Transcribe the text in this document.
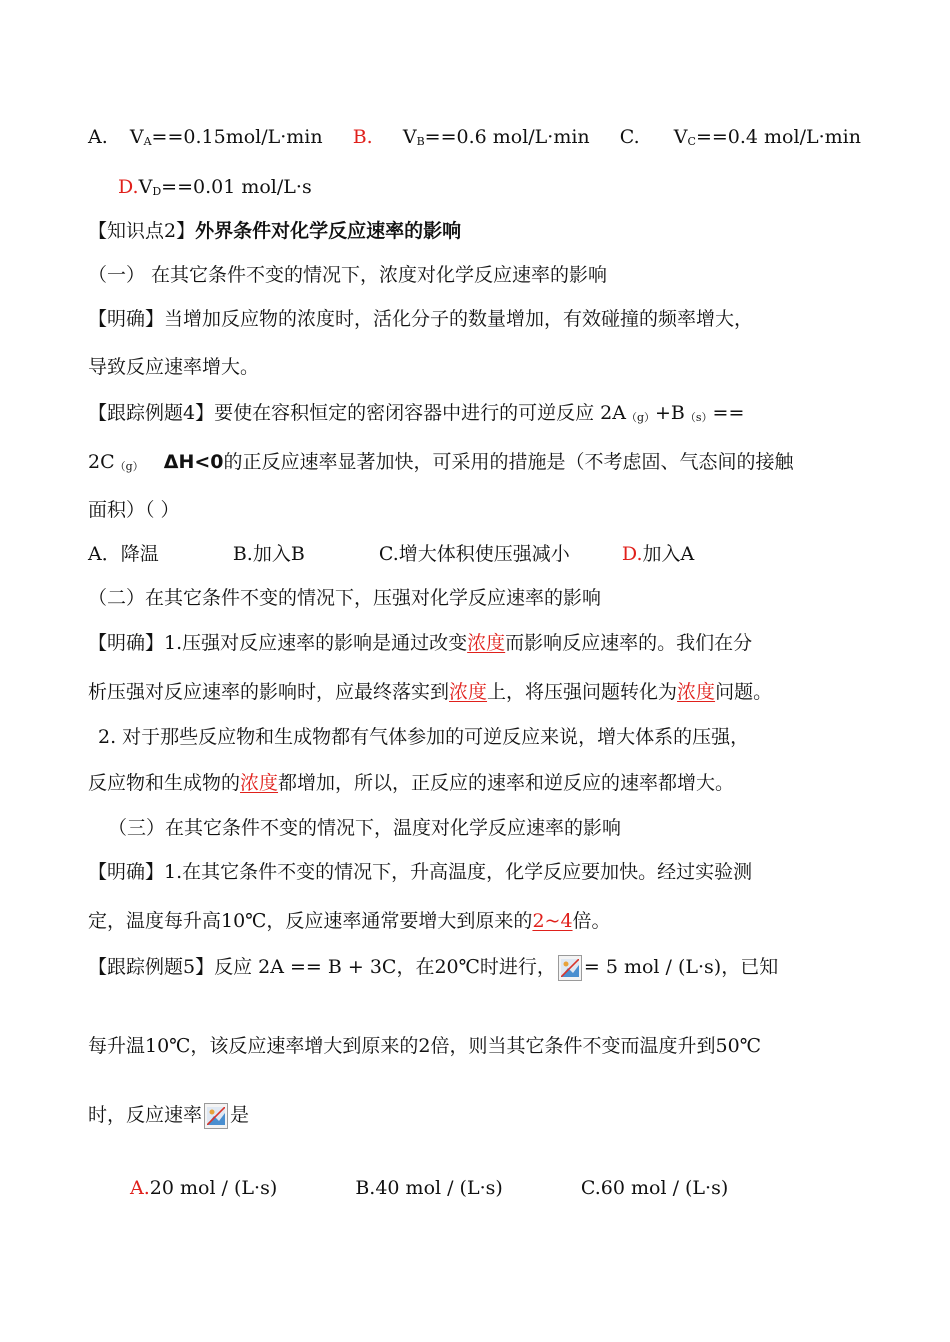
A. $V_A==0.15mol/L\cdot\min$ B. $V_B==0.6$ mol/L·min C. $V_C==0.4$ mol/L·min
$D.V_D==0.01$ mol/L·s
【知识点2】外界条件对化学反应速率的影响
（一） 在其它条件不变的情况下，浓度对化学反应速率的影响
【明确】当增加反应物的浓度时，活化分子的数量增加，有效碰撞的频率增大，
导致反应速率增大。
【跟踪例题4】要使在容积恒定的密闭容器中进行的可逆反应 2A（g）+B（s）==
2C（g） ΔH<0的正反应速率显著加快，可采用的措施是（不考虑固、气态间的接触
面积）（ ）
A．降温	B.加入B	C.增大体积使压强减小	D.加入A
（二）在其它条件不变的情况下，压强对化学反应速率的影响
【明确】1.压强对反应速率的影响是通过改变浓度而影响反应速率的。我们在分
析压强对反应速率的影响时，应最终落实到浓度上，将压强问题转化为浓度问题。
2. 对于那些反应物和生成物都有气体参加的可逆反应来说，增大体系的压强，
反应物和生成物的浓度都增加，所以，正反应的速率和逆反应的速率都增大。
（三）在其它条件不变的情况下，温度对化学反应速率的影响
【明确】1.在其它条件不变的情况下，升高温度，化学反应要加快。经过实验测
定，温度每升高10℃，反应速率通常要增大到原来的2~4倍。
【跟踪例题5】反应 2A == B + 3C，在20℃时进行， = 5 mol / (L·s)，已知
每升温10℃，该反应速率增大到原来的2倍，则当其它条件不变而温度升到50℃
时，反应速率 是
A.20 mol / (L·s)	B.40 mol / (L·s)	C.60 mol / (L·s)
